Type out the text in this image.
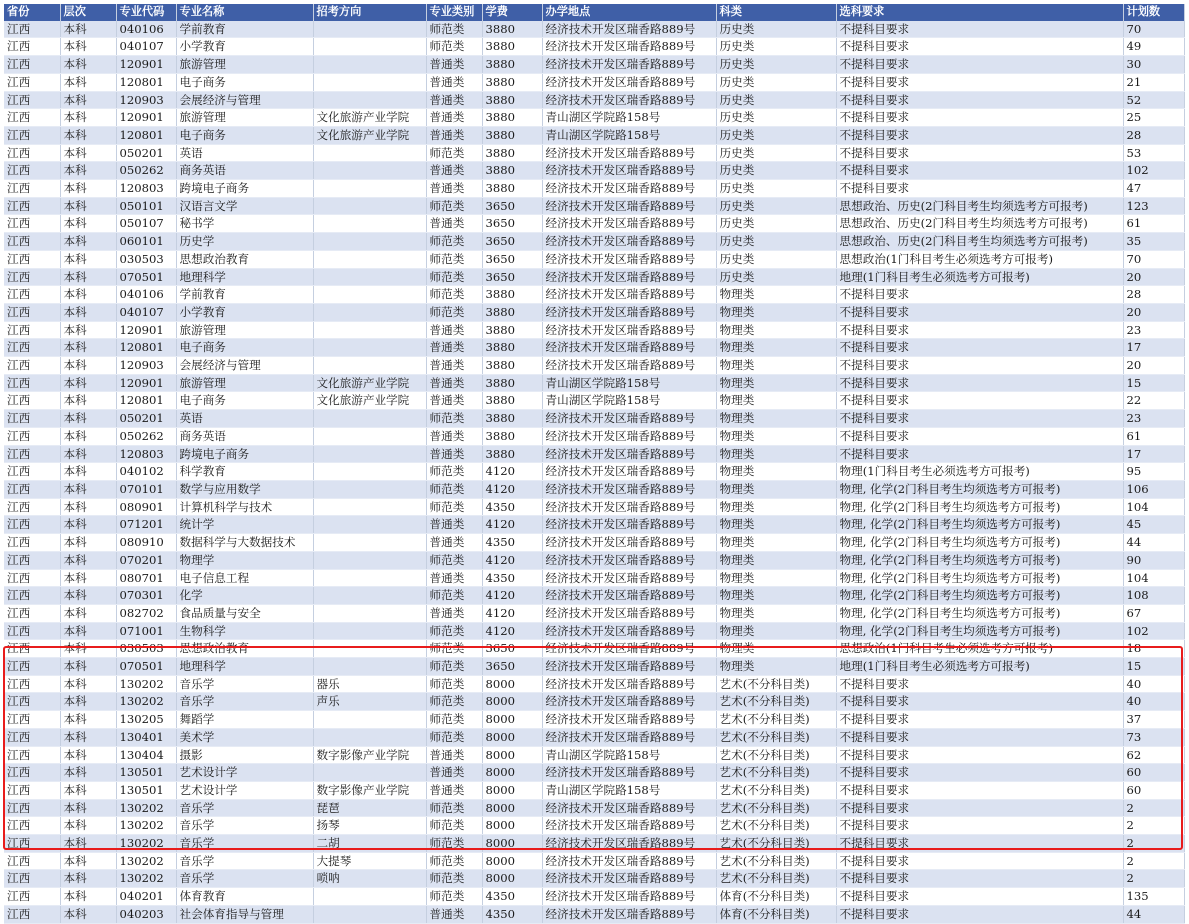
省份	层次	专业代码	专业名称	招考方向	专业类别	学费	办学地点	科类	选科要求	计划数
江西	本科	040106	学前教育		师范类	3880	经济技术开发区瑞香路889号	历史类	不提科目要求	70
江西	本科	040107	小学教育		师范类	3880	经济技术开发区瑞香路889号	历史类	不提科目要求	49
江西	本科	120901	旅游管理		普通类	3880	经济技术开发区瑞香路889号	历史类	不提科目要求	30
江西	本科	120801	电子商务		普通类	3880	经济技术开发区瑞香路889号	历史类	不提科目要求	21
江西	本科	120903	会展经济与管理		普通类	3880	经济技术开发区瑞香路889号	历史类	不提科目要求	52
江西	本科	120901	旅游管理	文化旅游产业学院	普通类	3880	青山湖区学院路158号	历史类	不提科目要求	25
江西	本科	120801	电子商务	文化旅游产业学院	普通类	3880	青山湖区学院路158号	历史类	不提科目要求	28
江西	本科	050201	英语		师范类	3880	经济技术开发区瑞香路889号	历史类	不提科目要求	53
江西	本科	050262	商务英语		普通类	3880	经济技术开发区瑞香路889号	历史类	不提科目要求	102
江西	本科	120803	跨境电子商务		普通类	3880	经济技术开发区瑞香路889号	历史类	不提科目要求	47
江西	本科	050101	汉语言文学		师范类	3650	经济技术开发区瑞香路889号	历史类	思想政治、历史(2门科目考生均须选考方可报考)	123
江西	本科	050107	秘书学		普通类	3650	经济技术开发区瑞香路889号	历史类	思想政治、历史(2门科目考生均须选考方可报考)	61
江西	本科	060101	历史学		师范类	3650	经济技术开发区瑞香路889号	历史类	思想政治、历史(2门科目考生均须选考方可报考)	35
江西	本科	030503	思想政治教育		师范类	3650	经济技术开发区瑞香路889号	历史类	思想政治(1门科目考生必须选考方可报考)	70
江西	本科	070501	地理科学		师范类	3650	经济技术开发区瑞香路889号	历史类	地理(1门科目考生必须选考方可报考)	20
江西	本科	040106	学前教育		师范类	3880	经济技术开发区瑞香路889号	物理类	不提科目要求	28
江西	本科	040107	小学教育		师范类	3880	经济技术开发区瑞香路889号	物理类	不提科目要求	20
江西	本科	120901	旅游管理		普通类	3880	经济技术开发区瑞香路889号	物理类	不提科目要求	23
江西	本科	120801	电子商务		普通类	3880	经济技术开发区瑞香路889号	物理类	不提科目要求	17
江西	本科	120903	会展经济与管理		普通类	3880	经济技术开发区瑞香路889号	物理类	不提科目要求	20
江西	本科	120901	旅游管理	文化旅游产业学院	普通类	3880	青山湖区学院路158号	物理类	不提科目要求	15
江西	本科	120801	电子商务	文化旅游产业学院	普通类	3880	青山湖区学院路158号	物理类	不提科目要求	22
江西	本科	050201	英语		师范类	3880	经济技术开发区瑞香路889号	物理类	不提科目要求	23
江西	本科	050262	商务英语		普通类	3880	经济技术开发区瑞香路889号	物理类	不提科目要求	61
江西	本科	120803	跨境电子商务		普通类	3880	经济技术开发区瑞香路889号	物理类	不提科目要求	17
江西	本科	040102	科学教育		师范类	4120	经济技术开发区瑞香路889号	物理类	物理(1门科目考生必须选考方可报考)	95
江西	本科	070101	数学与应用数学		师范类	4120	经济技术开发区瑞香路889号	物理类	物理, 化学(2门科目考生均须选考方可报考)	106
江西	本科	080901	计算机科学与技术		师范类	4350	经济技术开发区瑞香路889号	物理类	物理, 化学(2门科目考生均须选考方可报考)	104
江西	本科	071201	统计学		普通类	4120	经济技术开发区瑞香路889号	物理类	物理, 化学(2门科目考生均须选考方可报考)	45
江西	本科	080910	数据科学与大数据技术		普通类	4350	经济技术开发区瑞香路889号	物理类	物理, 化学(2门科目考生均须选考方可报考)	44
江西	本科	070201	物理学		师范类	4120	经济技术开发区瑞香路889号	物理类	物理, 化学(2门科目考生均须选考方可报考)	90
江西	本科	080701	电子信息工程		普通类	4350	经济技术开发区瑞香路889号	物理类	物理, 化学(2门科目考生均须选考方可报考)	104
江西	本科	070301	化学		师范类	4120	经济技术开发区瑞香路889号	物理类	物理, 化学(2门科目考生均须选考方可报考)	108
江西	本科	082702	食品质量与安全		普通类	4120	经济技术开发区瑞香路889号	物理类	物理, 化学(2门科目考生均须选考方可报考)	67
江西	本科	071001	生物科学		师范类	4120	经济技术开发区瑞香路889号	物理类	物理, 化学(2门科目考生均须选考方可报考)	102
江西	本科	030503	思想政治教育		师范类	3650	经济技术开发区瑞香路889号	物理类	思想政治(1门科目考生必须选考方可报考)	18
江西	本科	070501	地理科学		师范类	3650	经济技术开发区瑞香路889号	物理类	地理(1门科目考生必须选考方可报考)	15
江西	本科	130202	音乐学	器乐	师范类	8000	经济技术开发区瑞香路889号	艺术(不分科目类)	不提科目要求	40
江西	本科	130202	音乐学	声乐	师范类	8000	经济技术开发区瑞香路889号	艺术(不分科目类)	不提科目要求	40
江西	本科	130205	舞蹈学		师范类	8000	经济技术开发区瑞香路889号	艺术(不分科目类)	不提科目要求	37
江西	本科	130401	美术学		师范类	8000	经济技术开发区瑞香路889号	艺术(不分科目类)	不提科目要求	73
江西	本科	130404	摄影	数字影像产业学院	普通类	8000	青山湖区学院路158号	艺术(不分科目类)	不提科目要求	62
江西	本科	130501	艺术设计学		普通类	8000	经济技术开发区瑞香路889号	艺术(不分科目类)	不提科目要求	60
江西	本科	130501	艺术设计学	数字影像产业学院	普通类	8000	青山湖区学院路158号	艺术(不分科目类)	不提科目要求	60
江西	本科	130202	音乐学	琵琶	师范类	8000	经济技术开发区瑞香路889号	艺术(不分科目类)	不提科目要求	2
江西	本科	130202	音乐学	扬琴	师范类	8000	经济技术开发区瑞香路889号	艺术(不分科目类)	不提科目要求	2
江西	本科	130202	音乐学	二胡	师范类	8000	经济技术开发区瑞香路889号	艺术(不分科目类)	不提科目要求	2
江西	本科	130202	音乐学	大提琴	师范类	8000	经济技术开发区瑞香路889号	艺术(不分科目类)	不提科目要求	2
江西	本科	130202	音乐学	唢呐	师范类	8000	经济技术开发区瑞香路889号	艺术(不分科目类)	不提科目要求	2
江西	本科	040201	体育教育		师范类	4350	经济技术开发区瑞香路889号	体育(不分科目类)	不提科目要求	135
江西	本科	040203	社会体育指导与管理		普通类	4350	经济技术开发区瑞香路889号	体育(不分科目类)	不提科目要求	44
